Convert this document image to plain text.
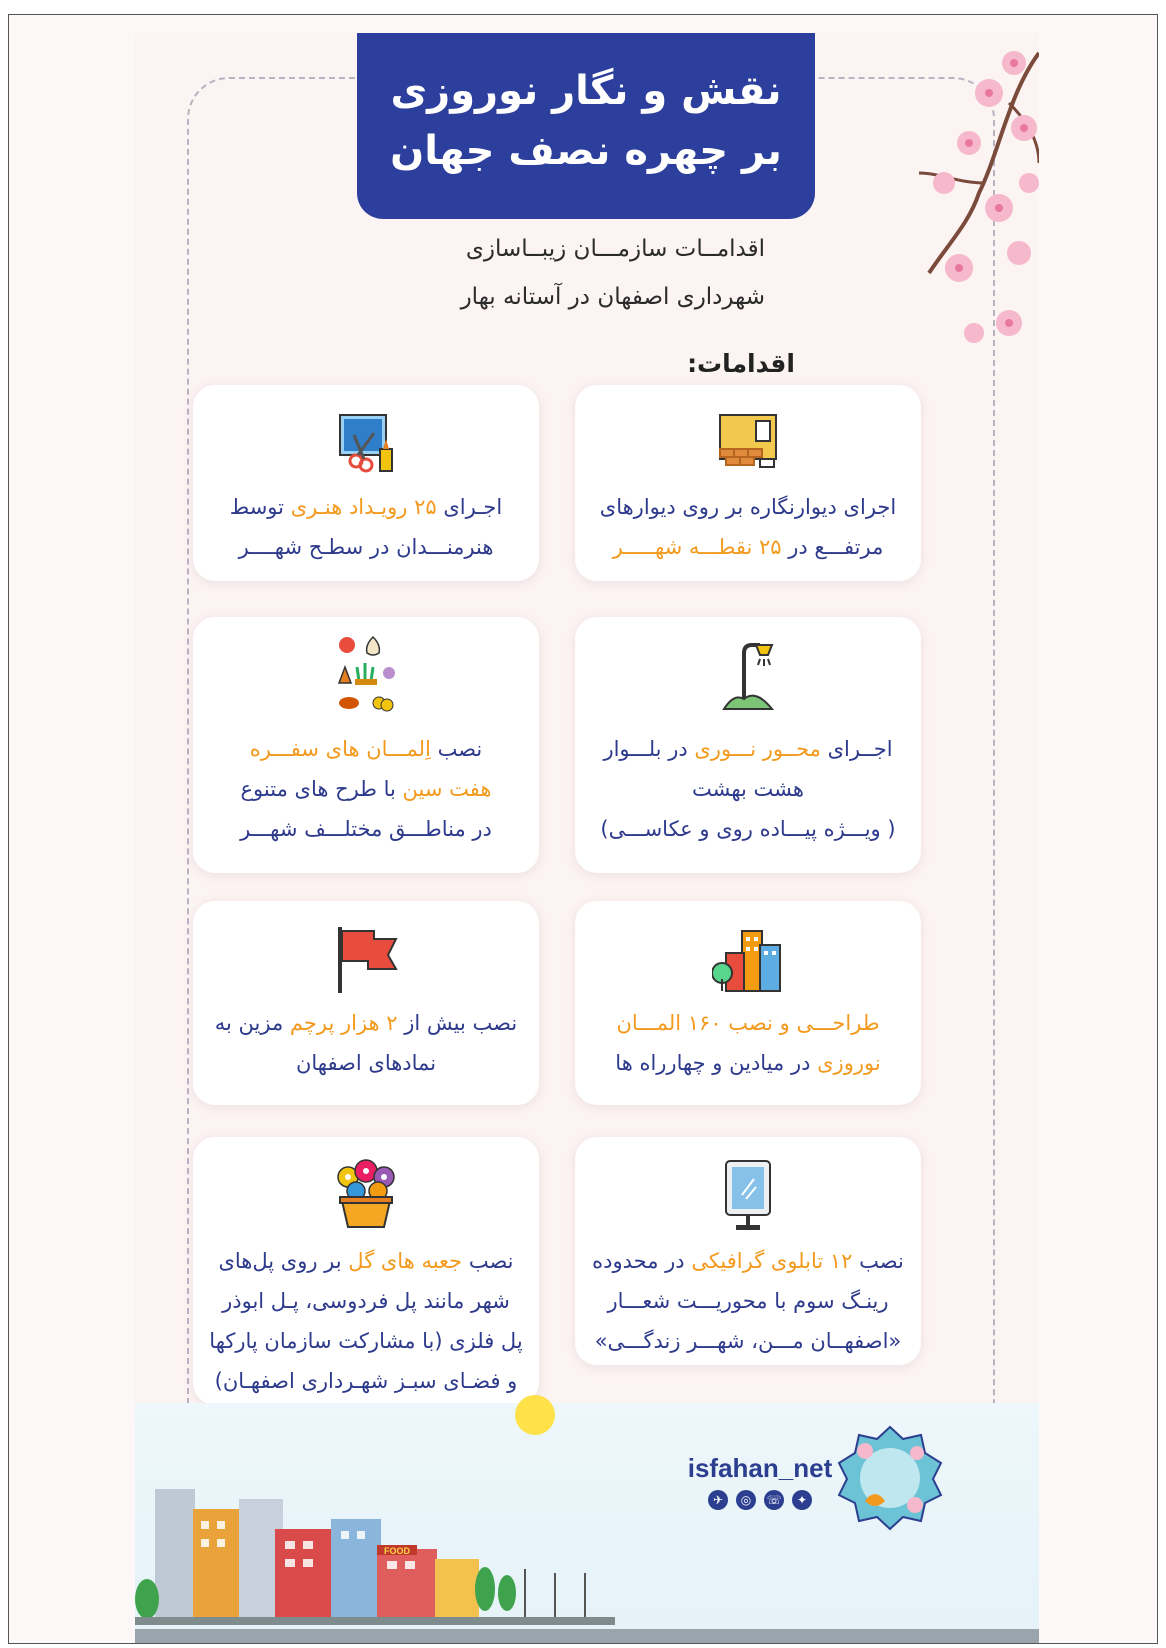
نقش و نگار نوروزی
بر چهره نصف جهان
اقدامــات سازمـــان زیبــاسازی
شهرداری اصفهان در آستانه بهار
اقدامات:
اجرای دیوارنگاره بر روی دیوارهای
مرتفـــع در ۲۵ نقطـــه شهـــــر
اجـرای ۲۵ رویـداد هنـری توسط
هنرمنـــدان در سطـح شهــــر
اجــرای محــور نـــوری در بلـــوار
هشت بهشت
( ویـــژه پیـــاده روی و عکاســـی)
نصب اِلمـــان های سفـــره
هفت سین با طرح های متنوع
در مناطـــق مختلـــف شهـــر
طراحـــی و نصب ۱۶۰ المـــان
نوروزی در میادین و چهارراه ها
نصب بیش از ۲ هزار پرچم مزین به
نمادهای اصفهان
نصب ۱۲ تابلوی گرافیکی در محدوده
رینـگ سوم با محوریـــت شعـــار
«اصفهــان مـــن، شهـــر زندگـــی»
نصب جعبه های گل بر روی پل‌های
شهر مانند پل فردوسی، پـل ابوذر
پل فلزی (با مشارکت سازمان پارکها
و فضـای سبـز شهـرداری اصفهـان)
FOOD
isfahan_net
✈	◎	☏	✦
